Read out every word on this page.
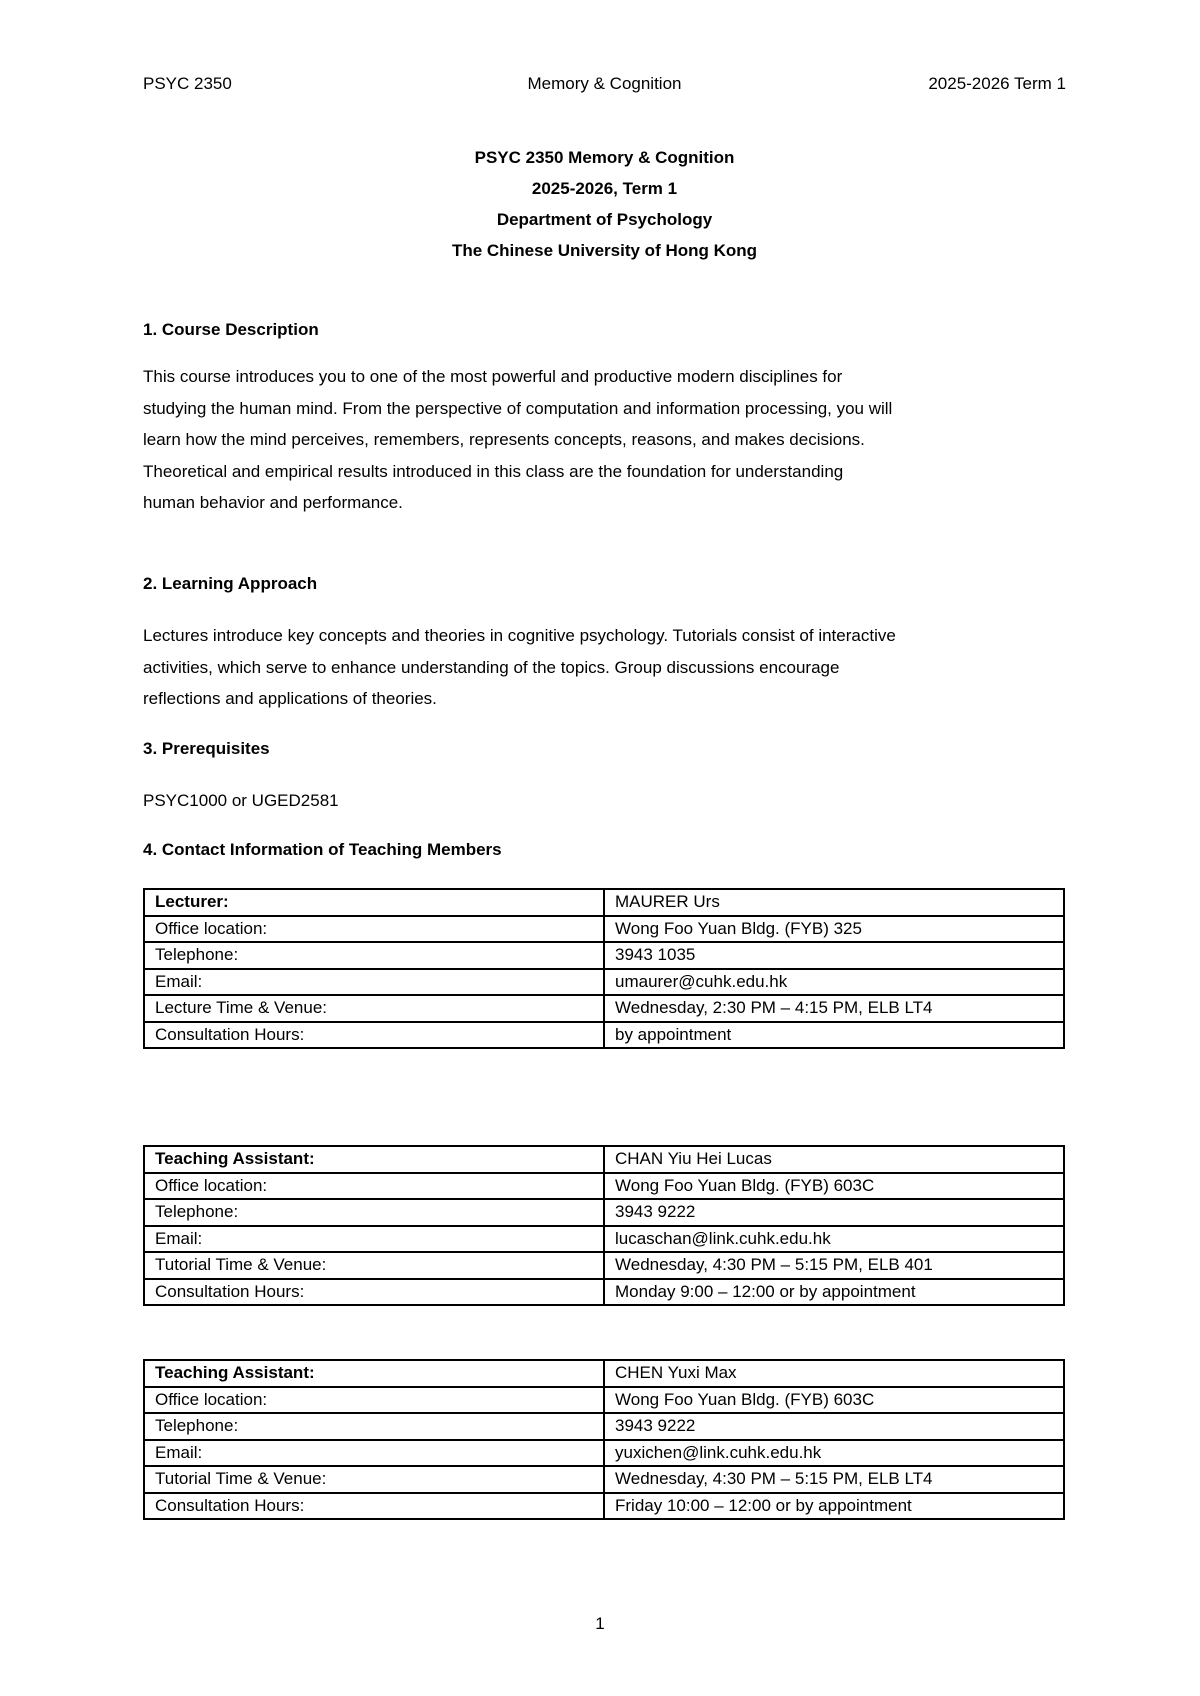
PSYC 2350	Memory & Cognition	2025-2026 Term 1
PSYC 2350 Memory & Cognition
2025-2026, Term 1
Department of Psychology
The Chinese University of Hong Kong
1. Course Description
This course introduces you to one of the most powerful and productive modern disciplines for
studying the human mind. From the perspective of computation and information processing, you will
learn how the mind perceives, remembers, represents concepts, reasons, and makes decisions.
Theoretical and empirical results introduced in this class are the foundation for understanding
human behavior and performance.
2. Learning Approach
Lectures introduce key concepts and theories in cognitive psychology. Tutorials consist of interactive
activities, which serve to enhance understanding of the topics. Group discussions encourage
reflections and applications of theories.
3. Prerequisites
PSYC1000 or UGED2581
4. Contact Information of Teaching Members
Lecturer:	MAURER Urs
Office location:	Wong Foo Yuan Bldg. (FYB) 325
Telephone:	3943 1035
Email:	umaurer@cuhk.edu.hk
Lecture Time & Venue:	Wednesday, 2:30 PM – 4:15 PM, ELB LT4
Consultation Hours:	by appointment
Teaching Assistant:	CHAN Yiu Hei Lucas
Office location:	Wong Foo Yuan Bldg. (FYB) 603C
Telephone:	3943 9222
Email:	lucaschan@link.cuhk.edu.hk
Tutorial Time & Venue:	Wednesday, 4:30 PM – 5:15 PM, ELB 401
Consultation Hours:	Monday 9:00 – 12:00 or by appointment
Teaching Assistant:	CHEN Yuxi Max
Office location:	Wong Foo Yuan Bldg. (FYB) 603C
Telephone:	3943 9222
Email:	yuxichen@link.cuhk.edu.hk
Tutorial Time & Venue:	Wednesday, 4:30 PM – 5:15 PM, ELB LT4
Consultation Hours:	Friday 10:00 – 12:00 or by appointment
1
